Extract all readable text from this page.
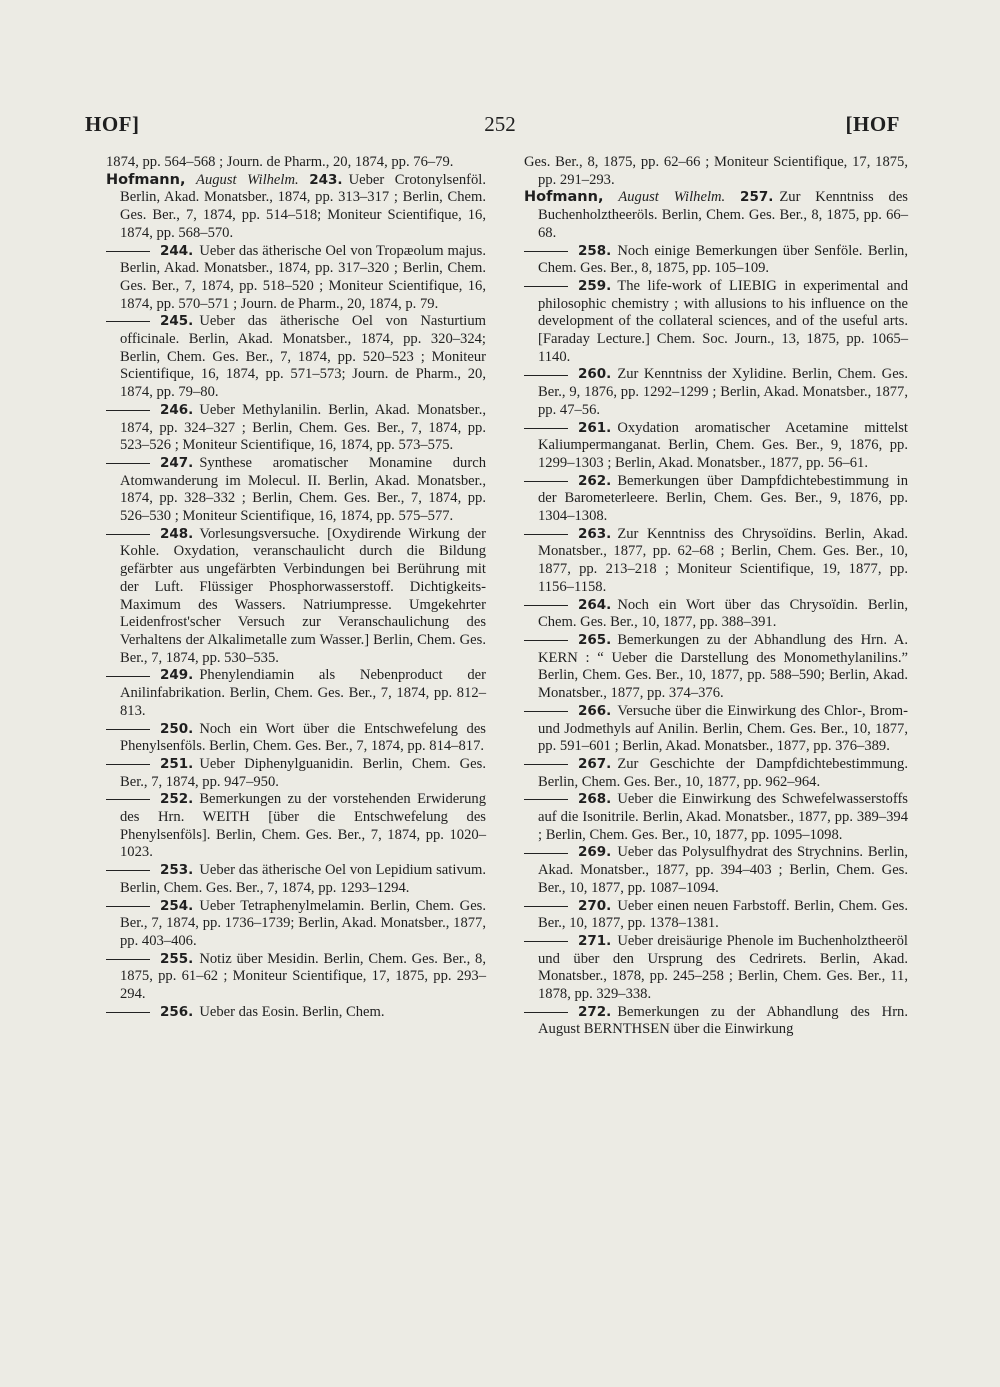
HOF]	252	[HOF

1874, pp. 564–568 ; Journ. de Pharm., 20, 1874, pp. 76–79.

Hofmann, August Wilhelm. 243. Ueber Crotonylsenföl. Berlin, Akad. Monatsber., 1874, pp. 313–317 ; Berlin, Chem. Ges. Ber., 7, 1874, pp. 514–518; Moniteur Scientifique, 16, 1874, pp. 568–570.

244. Ueber das ätherische Oel von Tropæolum majus. Berlin, Akad. Monatsber., 1874, pp. 317–320 ; Berlin, Chem. Ges. Ber., 7, 1874, pp. 518–520 ; Moniteur Scientifique, 16, 1874, pp. 570–571 ; Journ. de Pharm., 20, 1874, p. 79.

245. Ueber das ätherische Oel von Nasturtium officinale. Berlin, Akad. Monatsber., 1874, pp. 320–324; Berlin, Chem. Ges. Ber., 7, 1874, pp. 520–523 ; Moniteur Scientifique, 16, 1874, pp. 571–573; Journ. de Pharm., 20, 1874, pp. 79–80.

246. Ueber Methylanilin. Berlin, Akad. Monatsber., 1874, pp. 324–327 ; Berlin, Chem. Ges. Ber., 7, 1874, pp. 523–526 ; Moniteur Scientifique, 16, 1874, pp. 573–575.

247. Synthese aromatischer Monamine durch Atomwanderung im Molecul. II. Berlin, Akad. Monatsber., 1874, pp. 328–332 ; Berlin, Chem. Ges. Ber., 7, 1874, pp. 526–530 ; Moniteur Scientifique, 16, 1874, pp. 575–577.

248. Vorlesungsversuche. [Oxydirende Wirkung der Kohle. Oxydation, veranschaulicht durch die Bildung gefärbter aus ungefärbten Verbindungen bei Berührung mit der Luft. Flüssiger Phosphorwasserstoff. Dichtigkeits-Maximum des Wassers. Natriumpresse. Umgekehrter Leidenfrost'scher Versuch zur Veranschaulichung des Verhaltens der Alkalimetalle zum Wasser.] Berlin, Chem. Ges. Ber., 7, 1874, pp. 530–535.

249. Phenylendiamin als Nebenproduct der Anilinfabrikation. Berlin, Chem. Ges. Ber., 7, 1874, pp. 812–813.

250. Noch ein Wort über die Entschwefelung des Phenylsenföls. Berlin, Chem. Ges. Ber., 7, 1874, pp. 814–817.

251. Ueber Diphenylguanidin. Berlin, Chem. Ges. Ber., 7, 1874, pp. 947–950.

252. Bemerkungen zu der vorstehenden Erwiderung des Hrn. WEITH [über die Entschwefelung des Phenylsenföls]. Berlin, Chem. Ges. Ber., 7, 1874, pp. 1020–1023.

253. Ueber das ätherische Oel von Lepidium sativum. Berlin, Chem. Ges. Ber., 7, 1874, pp. 1293–1294.

254. Ueber Tetraphenylmelamin. Berlin, Chem. Ges. Ber., 7, 1874, pp. 1736–1739; Berlin, Akad. Monatsber., 1877, pp. 403–406.

255. Notiz über Mesidin. Berlin, Chem. Ges. Ber., 8, 1875, pp. 61–62 ; Moniteur Scientifique, 17, 1875, pp. 293–294.

256. Ueber das Eosin. Berlin, Chem.

Ges. Ber., 8, 1875, pp. 62–66 ; Moniteur Scientifique, 17, 1875, pp. 291–293.

Hofmann, August Wilhelm. 257. Zur Kenntniss des Buchenholztheeröls. Berlin, Chem. Ges. Ber., 8, 1875, pp. 66–68.

258. Noch einige Bemerkungen über Senföle. Berlin, Chem. Ges. Ber., 8, 1875, pp. 105–109.

259. The life-work of LIEBIG in experimental and philosophic chemistry ; with allusions to his influence on the development of the collateral sciences, and of the useful arts. [Faraday Lecture.] Chem. Soc. Journ., 13, 1875, pp. 1065–1140.

260. Zur Kenntniss der Xylidine. Berlin, Chem. Ges. Ber., 9, 1876, pp. 1292–1299 ; Berlin, Akad. Monatsber., 1877, pp. 47–56.

261. Oxydation aromatischer Acetamine mittelst Kaliumpermanganat. Berlin, Chem. Ges. Ber., 9, 1876, pp. 1299–1303 ; Berlin, Akad. Monatsber., 1877, pp. 56–61.

262. Bemerkungen über Dampfdichtebestimmung in der Barometerleere. Berlin, Chem. Ges. Ber., 9, 1876, pp. 1304–1308.

263. Zur Kenntniss des Chrysoïdins. Berlin, Akad. Monatsber., 1877, pp. 62–68 ; Berlin, Chem. Ges. Ber., 10, 1877, pp. 213–218 ; Moniteur Scientifique, 19, 1877, pp. 1156–1158.

264. Noch ein Wort über das Chrysoïdin. Berlin, Chem. Ges. Ber., 10, 1877, pp. 388–391.

265. Bemerkungen zu der Abhandlung des Hrn. A. KERN : “ Ueber die Darstellung des Monomethylanilins.” Berlin, Chem. Ges. Ber., 10, 1877, pp. 588–590; Berlin, Akad. Monatsber., 1877, pp. 374–376.

266. Versuche über die Einwirkung des Chlor-, Brom- und Jodmethyls auf Anilin. Berlin, Chem. Ges. Ber., 10, 1877, pp. 591–601 ; Berlin, Akad. Monatsber., 1877, pp. 376–389.

267. Zur Geschichte der Dampfdichtebestimmung. Berlin, Chem. Ges. Ber., 10, 1877, pp. 962–964.

268. Ueber die Einwirkung des Schwefelwasserstoffs auf die Isonitrile. Berlin, Akad. Monatsber., 1877, pp. 389–394 ; Berlin, Chem. Ges. Ber., 10, 1877, pp. 1095–1098.

269. Ueber das Polysulfhydrat des Strychnins. Berlin, Akad. Monatsber., 1877, pp. 394–403 ; Berlin, Chem. Ges. Ber., 10, 1877, pp. 1087–1094.

270. Ueber einen neuen Farbstoff. Berlin, Chem. Ges. Ber., 10, 1877, pp. 1378–1381.

271. Ueber dreisäurige Phenole im Buchenholztheeröl und über den Ursprung des Cedrirets. Berlin, Akad. Monatsber., 1878, pp. 245–258 ; Berlin, Chem. Ges. Ber., 11, 1878, pp. 329–338.

272. Bemerkungen zu der Abhandlung des Hrn. August BERNTHSEN über die Einwirkung
